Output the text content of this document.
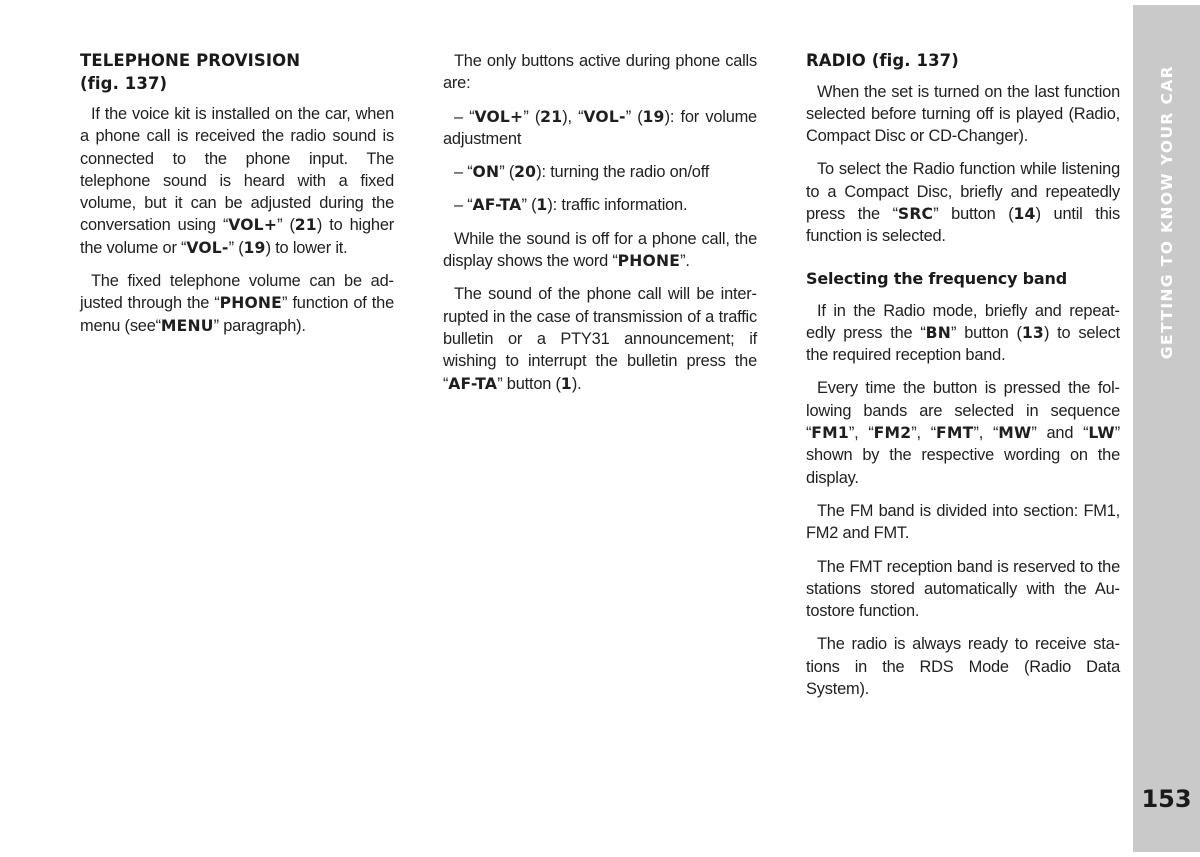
TELEPHONE PROVISION
(fig. 137)

If the voice kit is installed on the car, when a phone call is received the radio sound is connected to the phone input. The telephone sound is heard with a fixed volume, but it can be adjusted during the conversation using “VOL+” (21) to higher the volume or “VOL-” (19) to lower it.

The fixed telephone volume can be adjusted through the “PHONE” function of the menu (see“MENU” paragraph).

The only buttons active during phone calls are:

– “VOL+” (21), “VOL-” (19): for volume adjustment

– “ON” (20): turning the radio on/off

– “AF-TA” (1): traffic information.

While the sound is off for a phone call, the display shows the word “PHONE”.

The sound of the phone call will be interrupted in the case of transmission of a traffic bulletin or a PTY31 announcement; if wishing to interrupt the bulletin press the “AF-TA” button (1).

RADIO (fig. 137)

When the set is turned on the last function selected before turning off is played (Radio, Compact Disc or CD-Changer).

To select the Radio function while listening to a Compact Disc, briefly and repeatedly press the “SRC” button (14) until this function is selected.

Selecting the frequency band

If in the Radio mode, briefly and repeatedly press the “BN” button (13) to select the required reception band.

Every time the button is pressed the following bands are selected in sequence “FM1”, “FM2”, “FMT”, “MW” and “LW” shown by the respective wording on the display.

The FM band is divided into section: FM1, FM2 and FMT.

The FMT reception band is reserved to the stations stored automatically with the Autostore function.

The radio is always ready to receive stations in the RDS Mode (Radio Data System).

GETTING TO KNOW YOUR CAR
153
